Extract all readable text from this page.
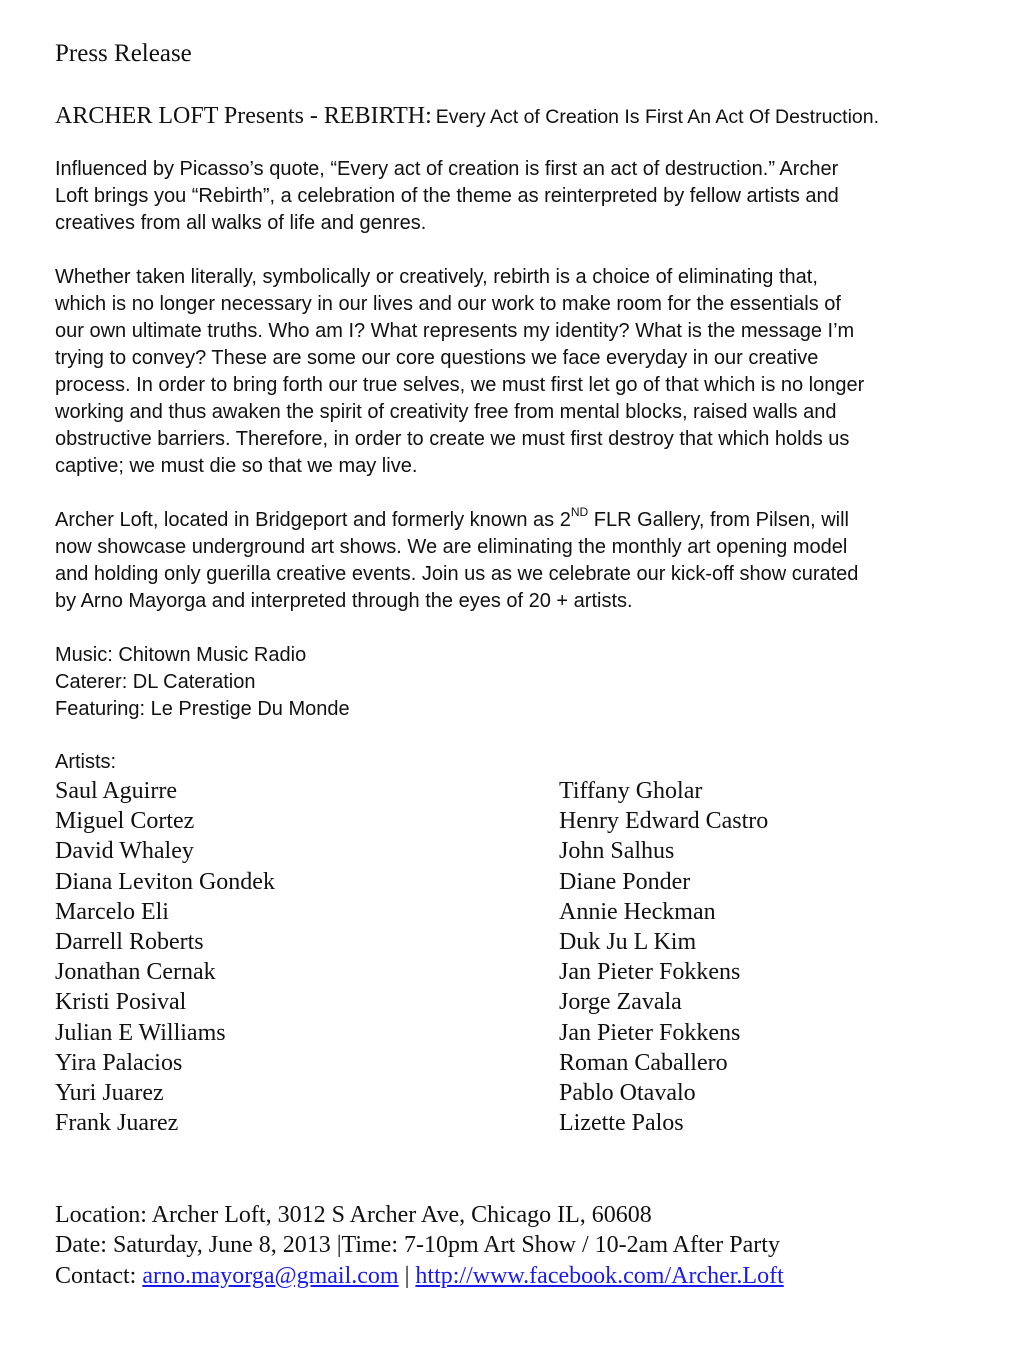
Press Release
ARCHER LOFT Presents - REBIRTH: Every Act of Creation Is First An Act Of Destruction.
Influenced by Picasso’s quote, “Every act of creation is first an act of destruction.” Archer
Loft brings you “Rebirth”, a celebration of the theme as reinterpreted by fellow artists and
creatives from all walks of life and genres.
Whether taken literally, symbolically or creatively, rebirth is a choice of eliminating that,
which is no longer necessary in our lives and our work to make room for the essentials of
our own ultimate truths. Who am I? What represents my identity? What is the message I’m
trying to convey? These are some our core questions we face everyday in our creative
process. In order to bring forth our true selves, we must first let go of that which is no longer
working and thus awaken the spirit of creativity free from mental blocks, raised walls and
obstructive barriers. Therefore, in order to create we must first destroy that which holds us
captive; we must die so that we may live.
Archer Loft, located in Bridgeport and formerly known as 2ND FLR Gallery, from Pilsen, will
now showcase underground art shows. We are eliminating the monthly art opening model
and holding only guerilla creative events. Join us as we celebrate our kick-off show curated
by Arno Mayorga and interpreted through the eyes of 20 + artists.
Music: Chitown Music Radio
Caterer: DL Cateration
Featuring: Le Prestige Du Monde
Artists:
Saul Aguirre
Miguel Cortez
David Whaley
Diana Leviton Gondek
Marcelo Eli
Darrell Roberts
Jonathan Cernak
Kristi Posival
Julian E Williams
Yira Palacios
Yuri Juarez
Frank Juarez
Tiffany Gholar
Henry Edward Castro
John Salhus
Diane Ponder
Annie Heckman
Duk Ju L Kim
Jan Pieter Fokkens
Jorge Zavala
Jan Pieter Fokkens
Roman Caballero
Pablo Otavalo
Lizette Palos
Location: Archer Loft, 3012 S Archer Ave, Chicago IL, 60608
Date: Saturday, June 8, 2013 |Time: 7-10pm Art Show / 10-2am After Party
Contact: arno.mayorga@gmail.com | http://www.facebook.com/Archer.Loft
